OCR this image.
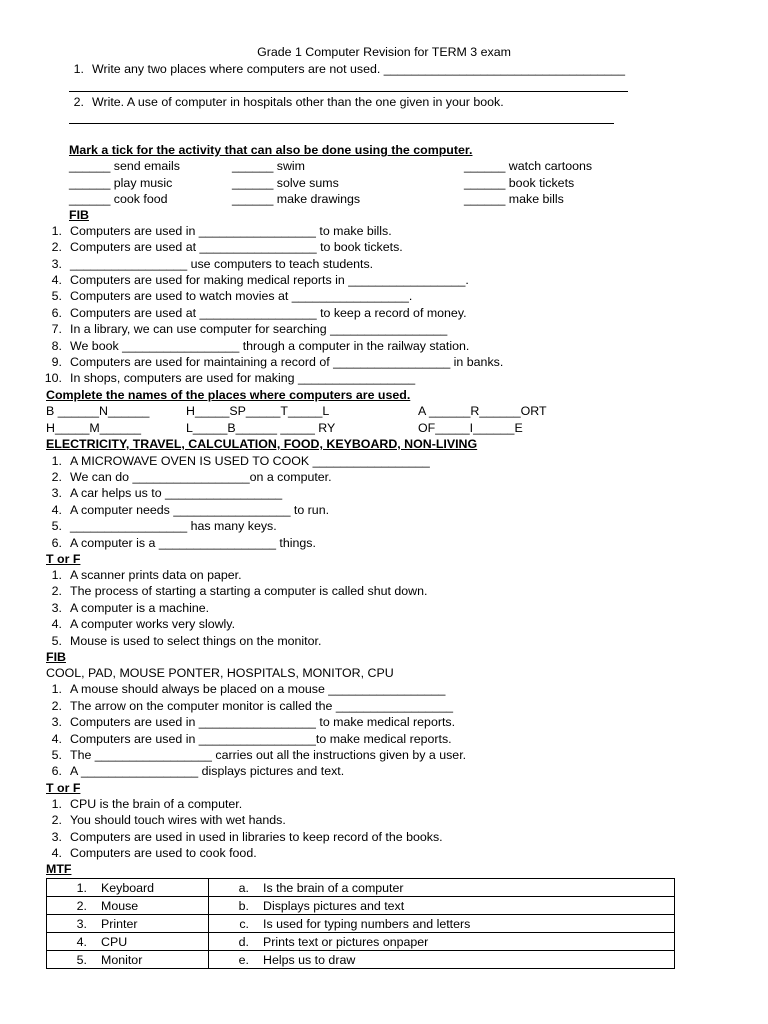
Grade 1 Computer Revision for TERM 3 exam
1. Write any two places where computers are not used. ___________________________________
2. Write. A use of computer in hospitals other than the one given in your book.
Mark a tick for the activity that can also be done using the computer.
______ send emails	______ swim	______ watch cartoons
______ play music	______ solve sums	______ book tickets
______ cook food	______ make drawings	______ make bills
FIB
1. Computers are used in _________________ to make bills.
2. Computers are used at _________________ to book tickets.
3. _________________ use computers to teach students.
4. Computers are used for making medical reports in _________________.
5. Computers are used to watch movies at _________________.
6. Computers are used at _________________ to keep a record of money.
7. In a library, we can use computer for searching _________________
8. We book _________________ through a computer in the railway station.
9. Computers are used for maintaining a record of _________________ in banks.
10. In shops, computers are used for making _________________
Complete the names of the places where computers are used.
B ______N______	H_____SP_____T_____L	A ______R______ORT
H_____M______	L_____B______ _____ RY	OF_____I______E
ELECTRICITY, TRAVEL, CALCULATION, FOOD, KEYBOARD, NON-LIVING
1. A MICROWAVE OVEN IS USED TO COOK _________________
2. We can do _________________on a computer.
3. A car helps us to _________________
4. A computer needs _________________ to run.
5. _________________ has many keys.
6. A computer is a _________________ things.
T or F
1. A scanner prints data on paper.
2. The process of starting a starting a computer is called shut down.
3. A computer is a machine.
4. A computer works very slowly.
5. Mouse is used to select things on the monitor.
FIB
COOL, PAD, MOUSE PONTER, HOSPITALS, MONITOR, CPU
1. A mouse should always be placed on a mouse _________________
2. The arrow on the computer monitor is called the _________________
3. Computers are used in _________________ to make medical reports.
4. Computers are used in _________________to make medical reports.
5. The _________________ carries out all the instructions given by a user.
6. A _________________ displays pictures and text.
T or F
1. CPU is the brain of a computer.
2. You should touch wires with wet hands.
3. Computers are used in used in libraries to keep record of the books.
4. Computers are used to cook food.
MTF
1. Keyboard	a. Is the brain of a computer
2. Mouse	b. Displays pictures and text
3. Printer	c. Is used for typing numbers and letters
4. CPU	d. Prints text or pictures onpaper
5. Monitor	e. Helps us to draw
